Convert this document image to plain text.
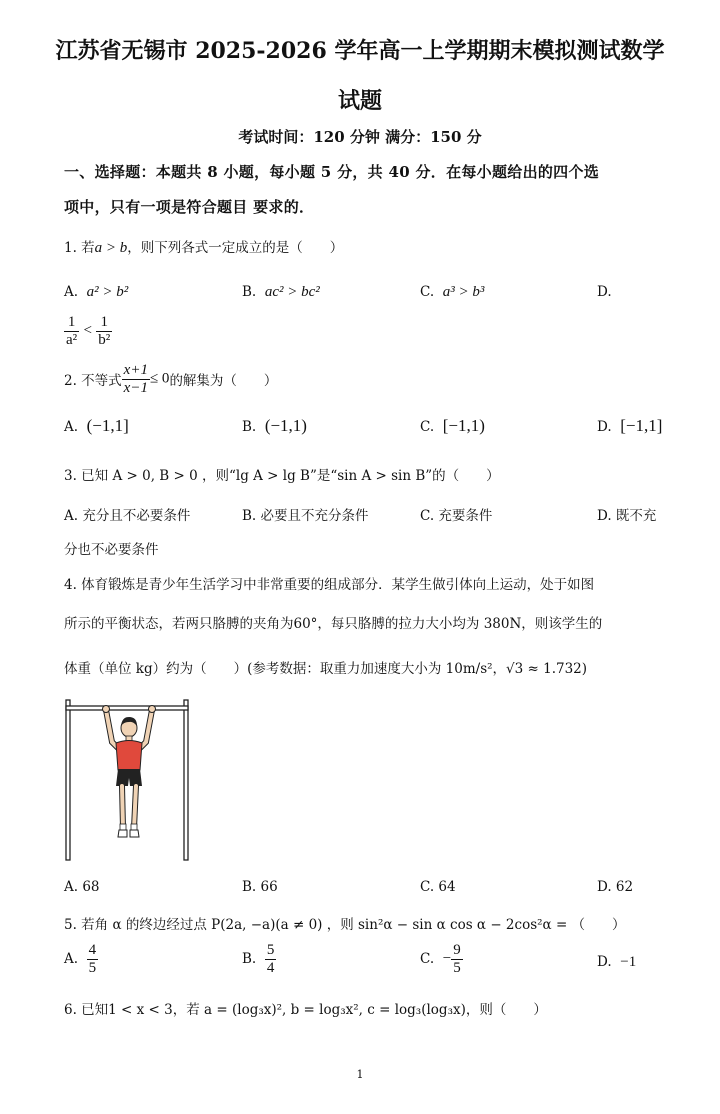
江苏省无锡市 2025-2026 学年高一上学期期末模拟测试数学
试题
考试时间：120 分钟 满分：150 分
一、选择题：本题共 8 小题，每小题 5 分，共 40 分．在每小题给出的四个选
项中，只有一项是符合题目 要求的．
1. 若a > b，则下列各式一定成立的是（　　）
A. a² > b²	B. ac² > bc²	C. a³ > b³	D.
$\frac{1}{\text{a²}} < \frac{1}{\text{b²}}$
2. 不等式 $\frac{x+1}{x-1} \le 0$的解集为（　　）
A. (−1,1]	B. (−1,1)	C. [−1,1)	D. [−1,1]
3. 已知 A > 0, B > 0 ，则“lg A > lg B”是“sin A > sin B”的（　　）
A. 充分且不必要条件	B. 必要且不充分条件	C. 充要条件	D. 既不充
分也不必要条件
4. 体育锻炼是青少年生活学习中非常重要的组成部分．某学生做引体向上运动，处于如图
所示的平衡状态，若两只胳膊的夹角为60°，每只胳膊的拉力大小均为 380N，则该学生的
体重（单位 kg）约为（　　）(参考数据：取重力加速度大小为 10m/s²，√3 ≈ 1.732)
A. 68	B. 66	C. 64	D. 62
5. 若角 α 的终边经过点 P(2a, −a)(a ≠ 0) ，则 sin²α − sin α cos α − 2cos²α = （　　）
A. $\frac{4}{5}$	B. $\frac{5}{4}$	C. − $\frac{9}{5}$	D. −1
6. 已知1 < x < 3，若 a = (log₃x)², b = log₃x², c = log₃(log₃x)，则（　　）
1
